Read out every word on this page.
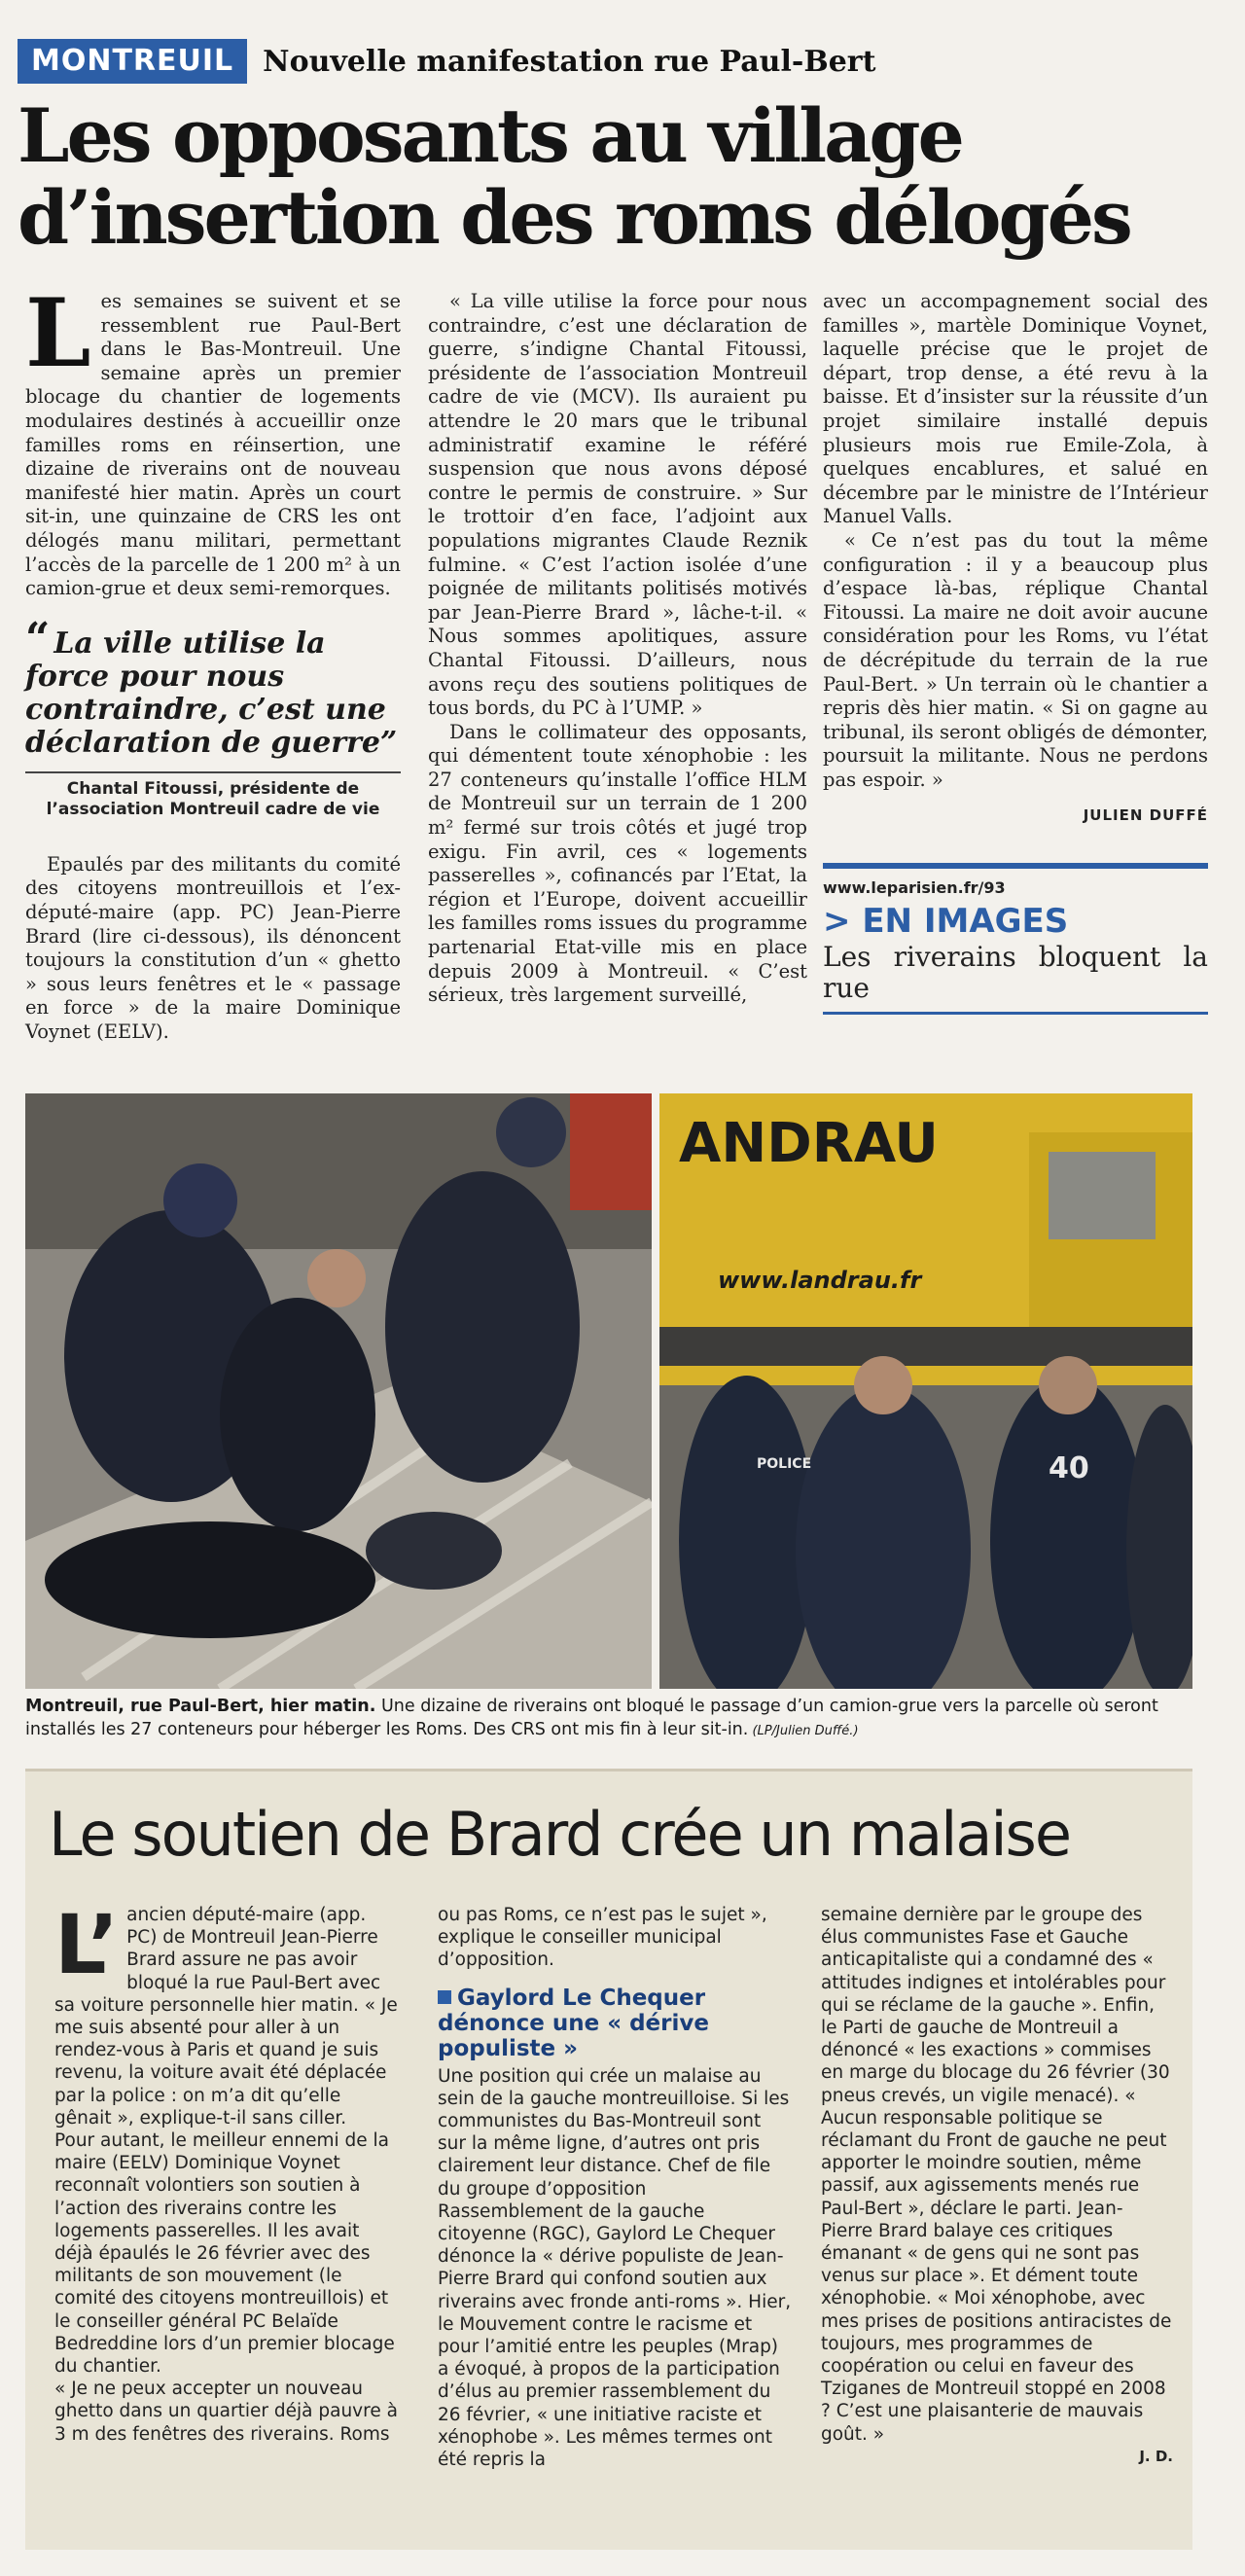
MONTREUIL	Nouvelle manifestation rue Paul-Bert
Les opposants au village
d’insertion des roms délogés

Les semaines se suivent et se ressemblent rue Paul-Bert dans le Bas-Montreuil. Une semaine après un premier blocage du chantier de logements modulaires destinés à accueillir onze familles roms en réinsertion, une dizaine de riverains ont de nouveau manifesté hier matin. Après un court sit-in, une quinzaine de CRS les ont délogés manu militari, permettant l’accès de la parcelle de 1 200 m² à un camion-grue et deux semi-remorques.

“ La ville utilise la force pour nous contraindre, c’est une déclaration de guerre”
Chantal Fitoussi, présidente de l’association Montreuil cadre de vie

Epaulés par des militants du comité des citoyens montreuillois et l’ex-député-maire (app. PC) Jean-Pierre Brard (lire ci-dessous), ils dénoncent toujours la constitution d’un « ghetto » sous leurs fenêtres et le « passage en force » de la maire Dominique Voynet (EELV).

« La ville utilise la force pour nous contraindre, c’est une déclaration de guerre, s’indigne Chantal Fitoussi, présidente de l’association Montreuil cadre de vie (MCV). Ils auraient pu attendre le 20 mars que le tribunal administratif examine le référé suspension que nous avons déposé contre le permis de construire. » Sur le trottoir d’en face, l’adjoint aux populations migrantes Claude Reznik fulmine. « C’est l’action isolée d’une poignée de militants politisés motivés par Jean-Pierre Brard », lâche-t-il. « Nous sommes apolitiques, assure Chantal Fitoussi. D’ailleurs, nous avons reçu des soutiens politiques de tous bords, du PC à l’UMP. »

Dans le collimateur des opposants, qui démentent toute xénophobie : les 27 conteneurs qu’installe l’office HLM de Montreuil sur un terrain de 1 200 m² fermé sur trois côtés et jugé trop exigu. Fin avril, ces « logements passerelles », cofinancés par l’Etat, la région et l’Europe, doivent accueillir les familles roms issues du programme partenarial Etat-ville mis en place depuis 2009 à Montreuil. « C’est sérieux, très largement surveillé,

avec un accompagnement social des familles », martèle Dominique Voynet, laquelle précise que le projet de départ, trop dense, a été revu à la baisse. Et d’insister sur la réussite d’un projet similaire installé depuis plusieurs mois rue Emile-Zola, à quelques encablures, et salué en décembre par le ministre de l’Intérieur Manuel Valls.

« Ce n’est pas du tout la même configuration : il y a beaucoup plus d’espace là-bas, réplique Chantal Fitoussi. La maire ne doit avoir aucune considération pour les Roms, vu l’état de décrépitude du terrain de la rue Paul-Bert. » Un terrain où le chantier a repris dès hier matin. « Si on gagne au tribunal, ils seront obligés de démonter, poursuit la militante. Nous ne perdons pas espoir. »

JULIEN DUFFÉ
www.leparisien.fr/93
> EN IMAGES
Les riverains bloquent la rue
ANDRAU
www.landrau.fr
40
POLICE
Montreuil, rue Paul-Bert, hier matin. Une dizaine de riverains ont bloqué le passage d’un camion-grue vers la parcelle où seront installés les 27 conteneurs pour héberger les Roms. Des CRS ont mis fin à leur sit-in. (LP/Julien Duffé.)
Le soutien de Brard crée un malaise

L’ ancien député-maire (app. PC) de Montreuil Jean-Pierre Brard assure ne pas avoir bloqué la rue Paul-Bert avec sa voiture personnelle hier matin. « Je me suis absenté pour aller à un rendez-vous à Paris et quand je suis revenu, la voiture avait été déplacée par la police : on m’a dit qu’elle gênait », explique-t-il sans ciller.

Pour autant, le meilleur ennemi de la maire (EELV) Dominique Voynet reconnaît volontiers son soutien à l’action des riverains contre les logements passerelles. Il les avait déjà épaulés le 26 février avec des militants de son mouvement (le comité des citoyens montreuillois) et le conseiller général PC Belaïde Bedreddine lors d’un premier blocage du chantier.

« Je ne peux accepter un nouveau ghetto dans un quartier déjà pauvre à 3 m des fenêtres des riverains. Roms

ou pas Roms, ce n’est pas le sujet », explique le conseiller municipal d’opposition.

Gaylord Le Chequer dénonce une « dérive populiste »

Une position qui crée un malaise au sein de la gauche montreuilloise. Si les communistes du Bas-Montreuil sont sur la même ligne, d’autres ont pris clairement leur distance. Chef de file du groupe d’opposition Rassemblement de la gauche citoyenne (RGC), Gaylord Le Chequer dénonce la « dérive populiste de Jean-Pierre Brard qui confond soutien aux riverains avec fronde anti-roms ». Hier, le Mouvement contre le racisme et pour l’amitié entre les peuples (Mrap) a évoqué, à propos de la participation d’élus au premier rassemblement du 26 février, « une initiative raciste et xénophobe ». Les mêmes termes ont été repris la

semaine dernière par le groupe des élus communistes Fase et Gauche anticapitaliste qui a condamné des « attitudes indignes et intolérables pour qui se réclame de la gauche ». Enfin, le Parti de gauche de Montreuil a dénoncé « les exactions » commises en marge du blocage du 26 février (30 pneus crevés, un vigile menacé). « Aucun responsable politique se réclamant du Front de gauche ne peut apporter le moindre soutien, même passif, aux agissements menés rue Paul-Bert », déclare le parti. Jean-Pierre Brard balaye ces critiques émanant « de gens qui ne sont pas venus sur place ». Et dément toute xénophobie. « Moi xénophobe, avec mes prises de positions antiracistes de toujours, mes programmes de coopération ou celui en faveur des Tziganes de Montreuil stoppé en 2008 ? C’est une plaisanterie de mauvais goût. »

J. D.
